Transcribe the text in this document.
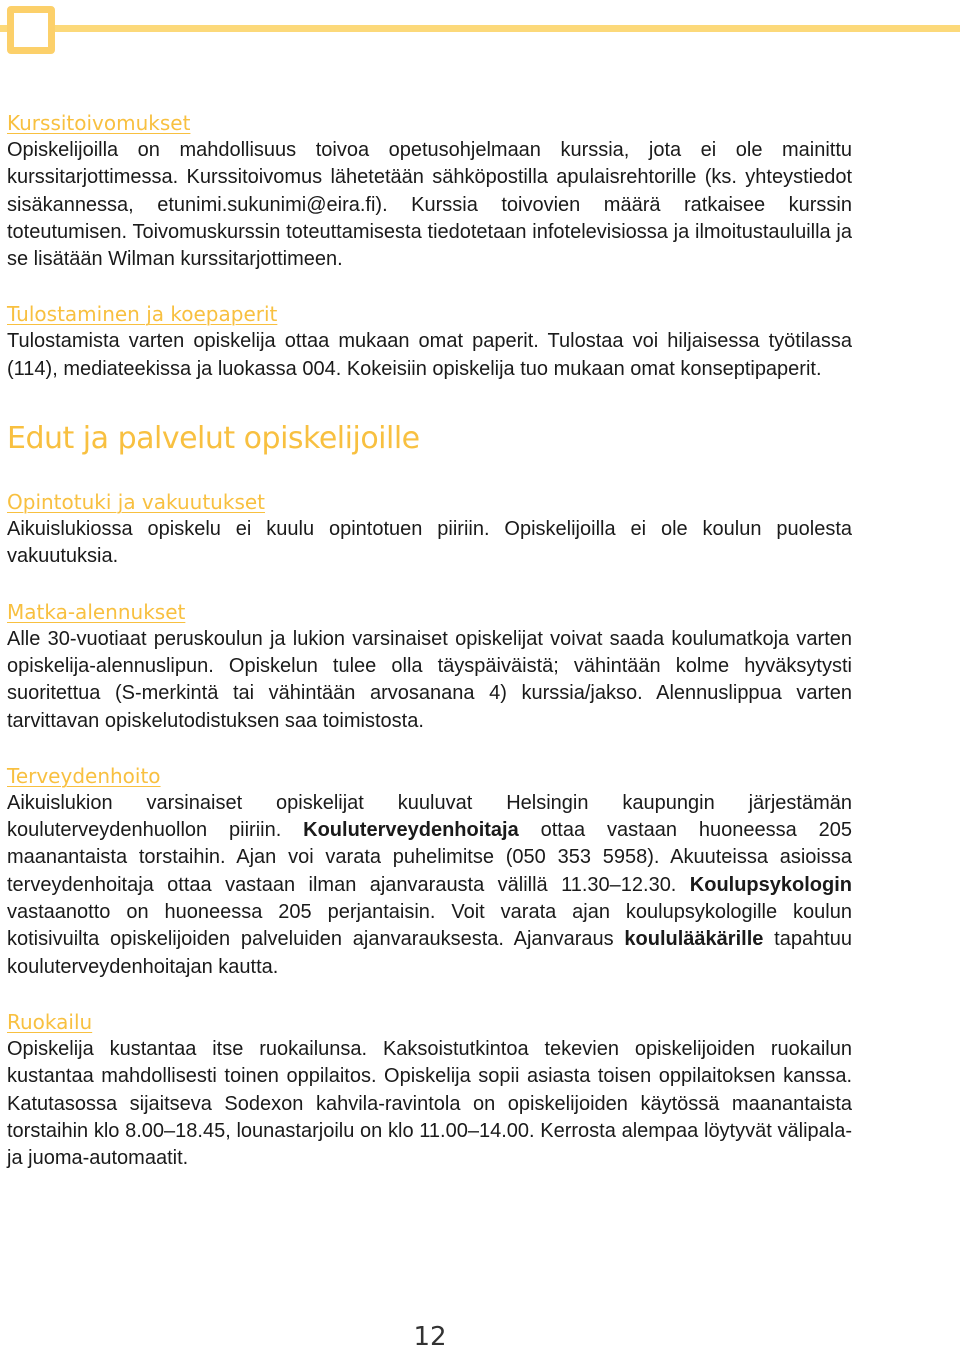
Kurssitoivomukset

Opiskelijoilla on mahdollisuus toivoa opetusohjelmaan kurssia, jota ei ole mainittu kurssitarjottimessa. Kurssitoivomus lähetetään sähköpostilla apulaisrehtorille (ks. yhteystiedot sisäkannessa, etunimi.sukunimi@eira.fi). Kurssia toivovien määrä ratkaisee kurssin toteutumisen. Toivomuskurssin toteuttamisesta tiedotetaan infotelevisiossa ja ilmoitustauluilla ja se lisätään Wilman kurssitarjottimeen.

Tulostaminen ja koepaperit

Tulostamista varten opiskelija ottaa mukaan omat paperit. Tulostaa voi hiljaisessa työtilassa (114), mediateekissa ja luokassa 004. Kokeisiin opiskelija tuo mukaan omat konseptipaperit.

Edut ja palvelut opiskelijoille
Opintotuki ja vakuutukset

Aikuislukiossa opiskelu ei kuulu opintotuen piiriin. Opiskelijoilla ei ole koulun puolesta vakuutuksia.

Matka-alennukset

Alle 30-vuotiaat peruskoulun ja lukion varsinaiset opiskelijat voivat saada koulumatkoja varten opiskelija-alennuslipun. Opiskelun tulee olla täyspäiväistä; vähintään kolme hyväksytysti suoritettua (S-merkintä tai vähintään arvosanana 4) kurssia/jakso. Alennuslippua varten tarvittavan opiskelutodistuksen saa toimistosta.

Terveydenhoito

Aikuislukion varsinaiset opiskelijat kuuluvat Helsingin kaupungin järjestämän kouluterveydenhuollon piiriin. Kouluterveydenhoitaja ottaa vastaan huoneessa 205 maanantaista torstaihin. Ajan voi varata puhelimitse (050 353 5958). Akuuteissa asioissa terveydenhoitaja ottaa vastaan ilman ajanvarausta välillä 11.30–12.30. Koulupsykologin vastaanotto on huoneessa 205 perjantaisin. Voit varata ajan koulupsykologille koulun kotisivuilta opiskelijoiden palveluiden ajanvarauksesta. Ajanvaraus koululääkärille tapahtuu kouluterveydenhoitajan kautta.

Ruokailu

Opiskelija kustantaa itse ruokailunsa. Kaksoistutkintoa tekevien opiskelijoiden ruokailun kustantaa mahdollisesti toinen oppilaitos. Opiskelija sopii asiasta toisen oppilaitoksen kanssa. Katutasossa sijaitseva Sodexon kahvila-ravintola on opiskelijoiden käytössä maanantaista torstaihin klo 8.00–18.45, lounastarjoilu on klo 11.00–14.00. Kerrosta alempaa löytyvät välipala- ja juoma-automaatit.

12
